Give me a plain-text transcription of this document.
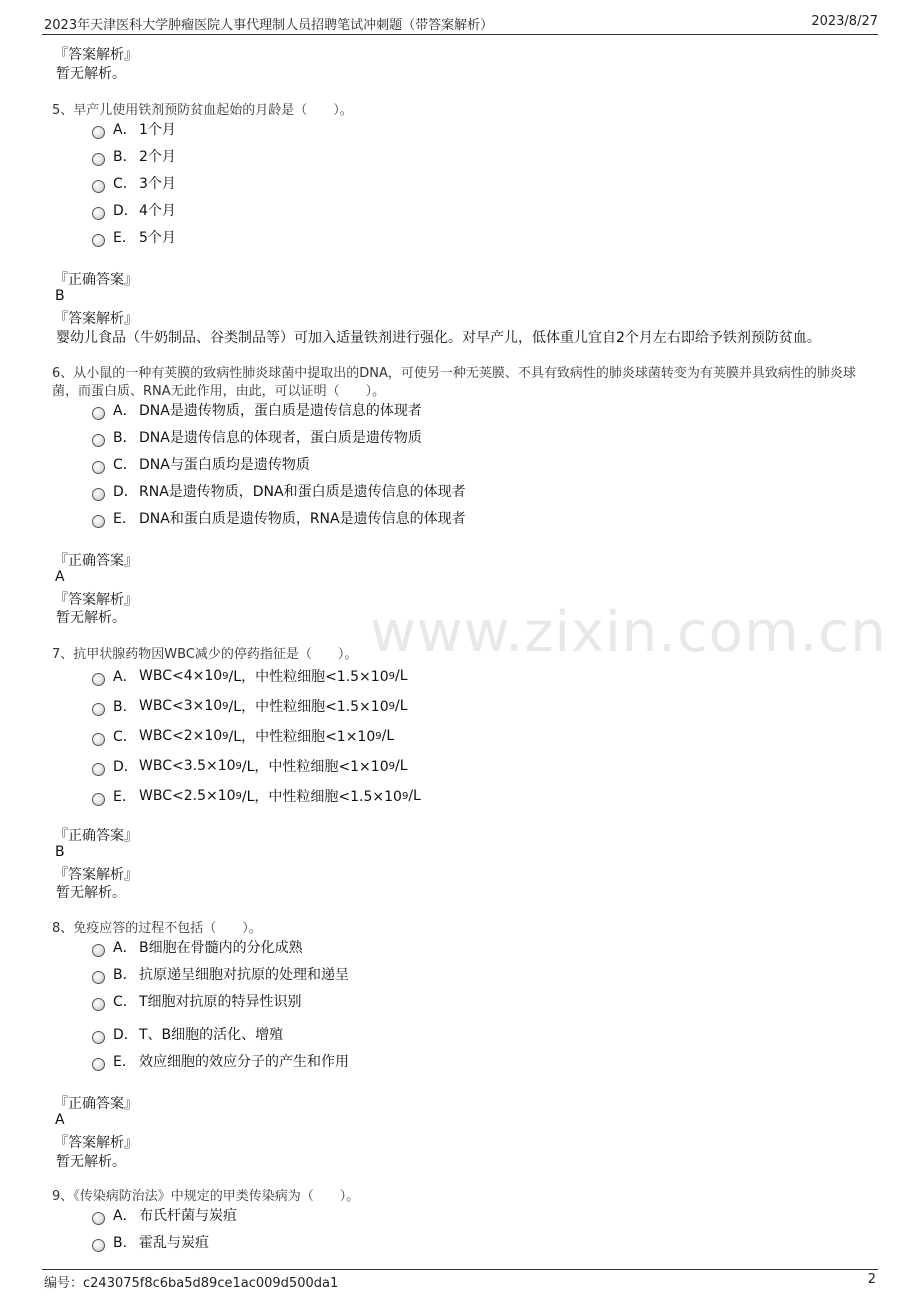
2023年天津医科大学肿瘤医院人事代理制人员招聘笔试冲刺题（带答案解析）	2023/8/27
www.zixin.com.cn
『答案解析』
暂无解析。
5、早产儿使用铁剂预防贫血起始的月龄是（　　）。
A． 1个月
B． 2个月
C． 3个月
D． 4个月
E． 5个月
『正确答案』
B
『答案解析』
婴幼儿食品（牛奶制品、谷类制品等）可加入适量铁剂进行强化。对早产儿，低体重儿宜自2个月左右即给予铁剂预防贫血。
6、从小鼠的一种有荚膜的致病性肺炎球菌中提取出的DNA，可使另一种无荚膜、不具有致病性的肺炎球菌转变为有荚膜并具致病性的肺炎球
菌，而蛋白质、RNA无此作用，由此，可以证明（　　）。
A． DNA是遗传物质，蛋白质是遗传信息的体现者
B． DNA是遗传信息的体现者，蛋白质是遗传物质
C． DNA与蛋白质均是遗传物质
D． RNA是遗传物质，DNA和蛋白质是遗传信息的体现者
E． DNA和蛋白质是遗传物质，RNA是遗传信息的体现者
『正确答案』
A
『答案解析』
暂无解析。
7、抗甲状腺药物因WBC减少的停药指征是（　　）。
A． WBC<4×10 9 /L，中性粒细胞<1.5×10 9 /L
B． WBC<3×10 9 /L，中性粒细胞<1.5×10 9 /L
C． WBC<2×10 9 /L，中性粒细胞<1×10 9 /L
D． WBC<3.5×10 9 /L，中性粒细胞<1×10 9 /L
E． WBC<2.5×10 9 /L，中性粒细胞<1.5×10 9 /L
『正确答案』
B
『答案解析』
暂无解析。
8、免疫应答的过程不包括（　　）。
A． B细胞在骨髓内的分化成熟
B． 抗原递呈细胞对抗原的处理和递呈
C． T细胞对抗原的特异性识别
D． T、B细胞的活化、增殖
E． 效应细胞的效应分子的产生和作用
『正确答案』
A
『答案解析』
暂无解析。
9、《传染病防治法》中规定的甲类传染病为（　　）。
A． 布氏杆菌与炭疽
B． 霍乱与炭疽
编号：c243075f8c6ba5d89ce1ac009d500da1	2
